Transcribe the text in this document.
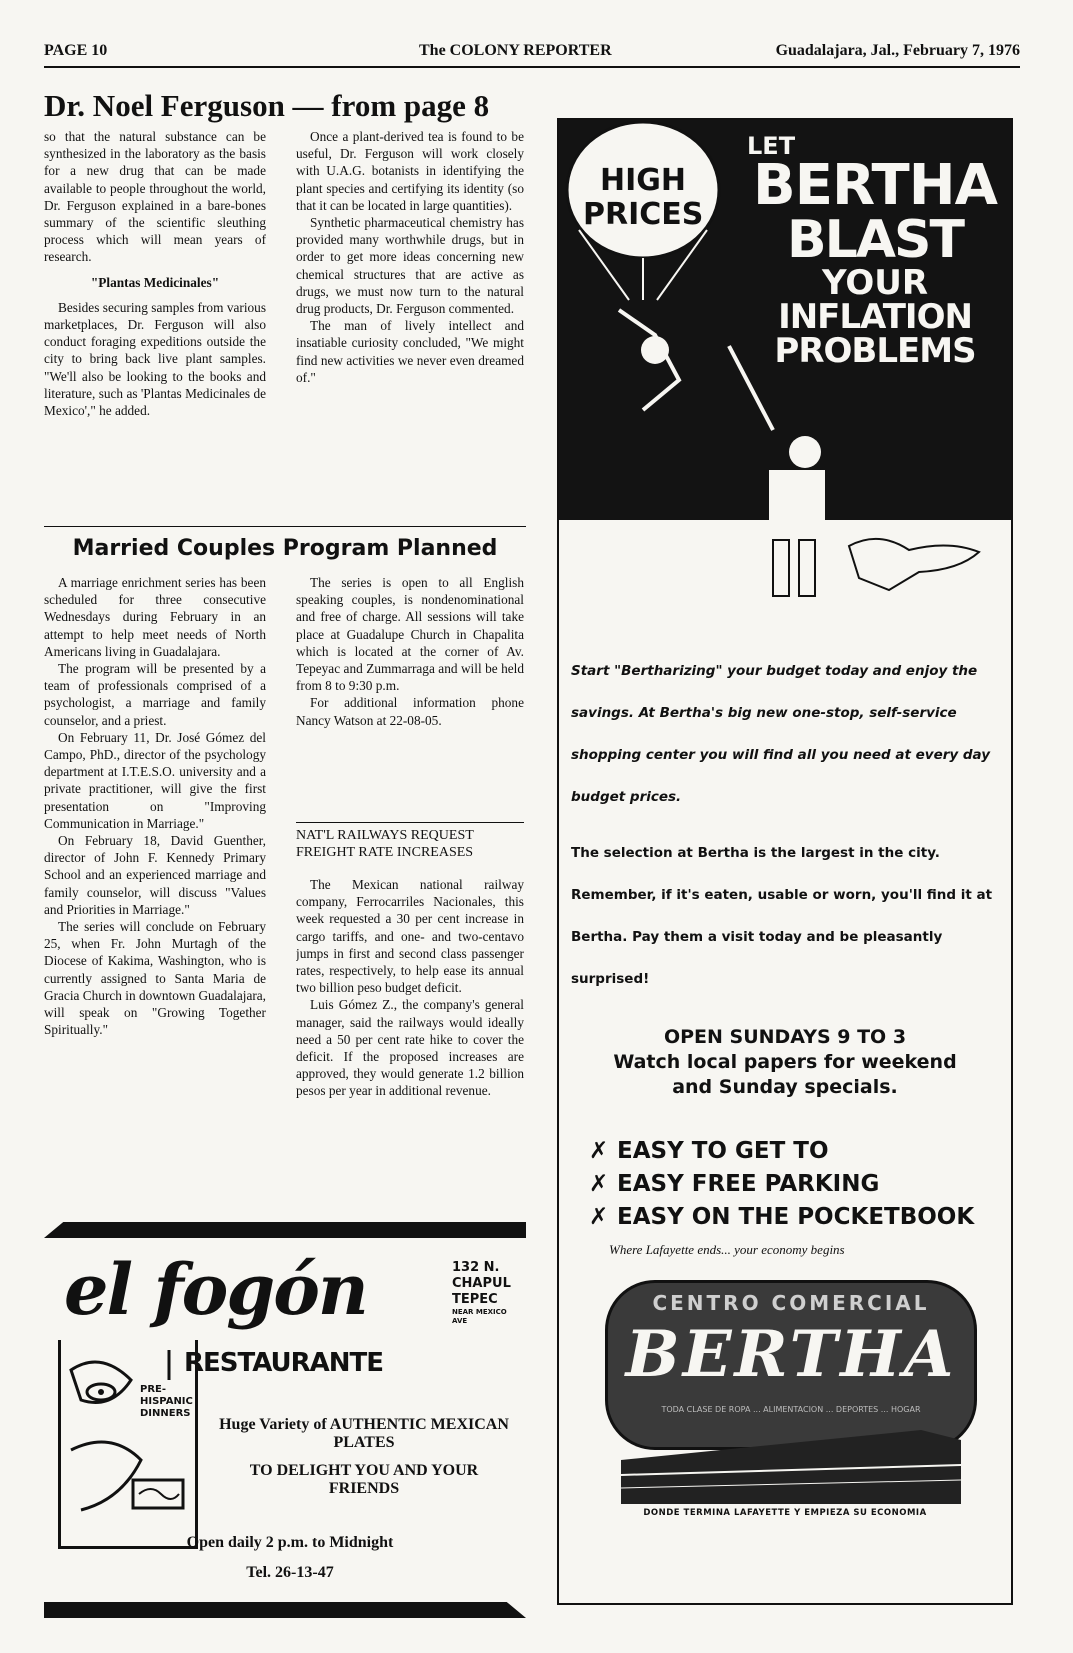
PAGE 10	The COLONY REPORTER	Guadalajara, Jal., February 7, 1976
Dr. Noel Ferguson — from page 8

so that the natural substance can be synthesized in the laboratory as the basis for a new drug that can be made available to people throughout the world, Dr. Ferguson explained in a bare-bones summary of the scientific sleuthing process which will mean years of research.

"Plantas Medicinales"

Besides securing samples from various marketplaces, Dr. Ferguson will also conduct foraging expeditions outside the city to bring back live plant samples. "We'll also be looking to the books and literature, such as 'Plantas Medicinales de Mexico'," he added.

Once a plant-derived tea is found to be useful, Dr. Ferguson will work closely with U.A.G. botanists in identifying the plant species and certifying its identity (so that it can be located in large quantities).

Synthetic pharmaceutical chemistry has provided many worthwhile drugs, but in order to get more ideas concerning new chemical structures that are active as drugs, we must now turn to the natural drug products, Dr. Ferguson commented.

The man of lively intellect and insatiable curiosity concluded, "We might find new activities we never even dreamed of."

Married Couples Program Planned

A marriage enrichment series has been scheduled for three consecutive Wednesdays during February in an attempt to help meet needs of North Americans living in Guadalajara.

The program will be presented by a team of professionals comprised of a psychologist, a marriage and family counselor, and a priest.

On February 11, Dr. José Gómez del Campo, PhD., director of the psychology department at I.T.E.S.O. university and a private practitioner, will give the first presentation on "Improving Communication in Marriage."

On February 18, David Guenther, director of John F. Kennedy Primary School and an experienced marriage and family counselor, will discuss "Values and Priorities in Marriage."

The series will conclude on February 25, when Fr. John Murtagh of the Diocese of Kakima, Washington, who is currently assigned to Santa Maria de Gracia Church in downtown Guadalajara, will speak on "Growing Together Spiritually."

The series is open to all English speaking couples, is nondenominational and free of charge. All sessions will take place at Guadalupe Church in Chapalita which is located at the corner of Av. Tepeyac and Zummarraga and will be held from 8 to 9:30 p.m.

For additional information phone Nancy Watson at 22-08-05.

NAT'L RAILWAYS REQUEST FREIGHT RATE INCREASES

The Mexican national railway company, Ferrocarriles Nacionales, this week requested a 30 per cent increase in cargo tariffs, and one- and two-centavo jumps in first and second class passenger rates, respectively, to help ease its annual two billion peso budget deficit.

Luis Gómez Z., the company's general manager, said the railways would ideally need a 50 per cent rate hike to cover the deficit. If the proposed increases are approved, they would generate 1.2 billion pesos per year in additional revenue.

el fogón	132 N. CHAPUL TEPEC
NEAR MEXICO AVE
RESTAURANTE
PRE-HISPANIC DINNERS
Huge Variety of AUTHENTIC MEXICAN PLATES
TO DELIGHT YOU AND YOUR FRIENDS
Open daily 2 p.m. to Midnight
Tel. 26-13-47
HIGH PRICES
LET
BERTHA
BLAST
YOUR
INFLATION
PROBLEMS
Start "Bertharizing" your budget today and enjoy the savings. At Bertha's big new one-stop, self-service shopping center you will find all you need at every day budget prices.
The selection at Bertha is the largest in the city. Remember, if it's eaten, usable or worn, you'll find it at Bertha. Pay them a visit today and be pleasantly surprised!
OPEN SUNDAYS 9 TO 3
Watch local papers for weekend and Sunday specials.
✗ EASY TO GET TO
✗ EASY FREE PARKING
✗ EASY ON THE POCKETBOOK
Where Lafayette ends... your economy begins
CENTRO COMERCIAL
BERTHA
TODA CLASE DE ROPA ... ALIMENTACION ... DEPORTES ... HOGAR
DONDE TERMINA LAFAYETTE Y EMPIEZA SU ECONOMIA
